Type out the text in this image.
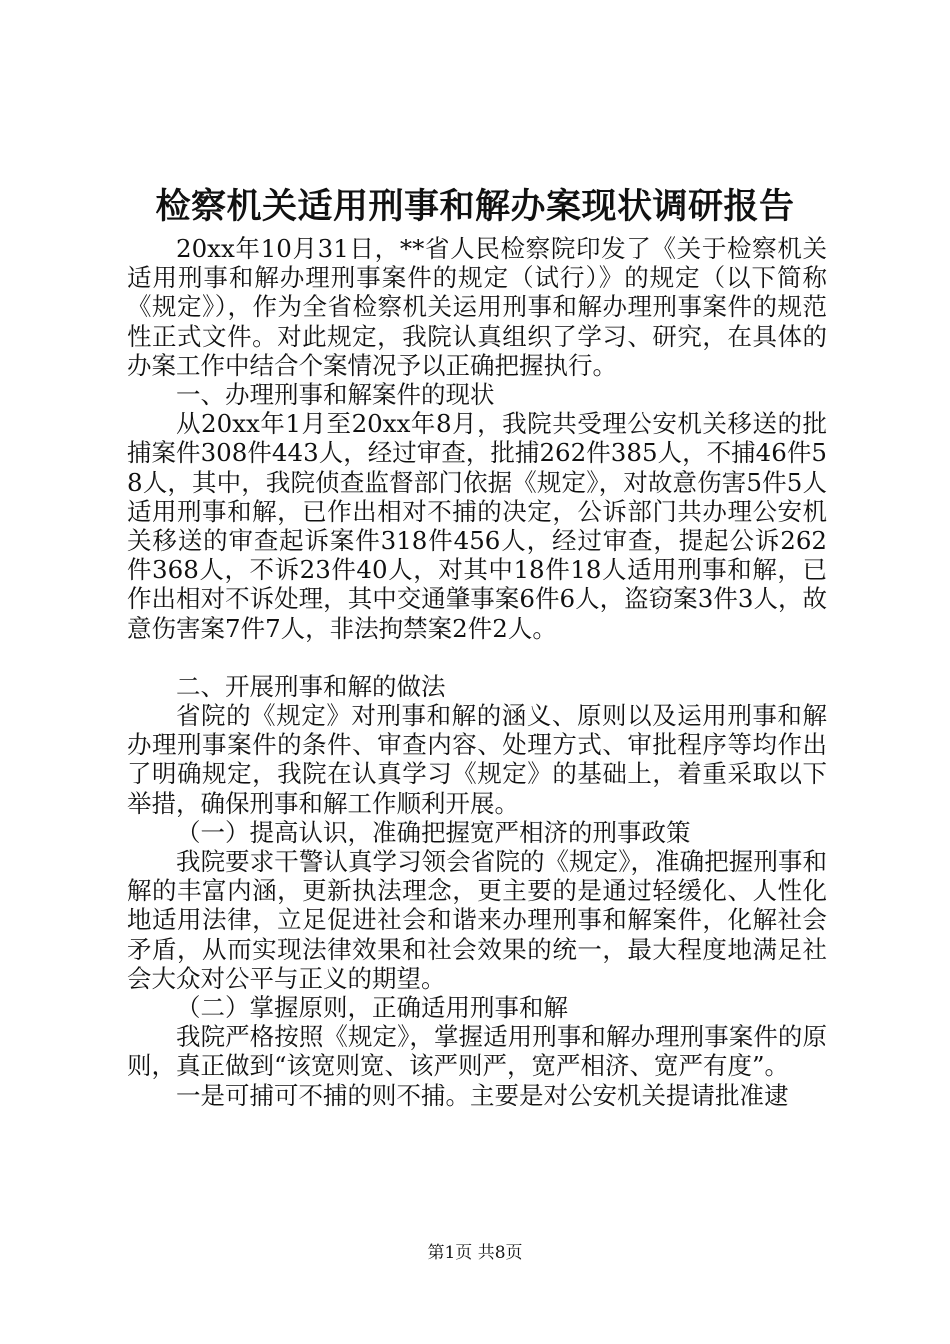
检察机关适用刑事和解办案现状调研报告

20xx年10月31日，**省人民检察院印发了《关于检察机关适用刑事和解办理刑事案件的规定（试行）》的规定（以下简称《规定》），作为全省检察机关运用刑事和解办理刑事案件的规范性正式文件。对此规定，我院认真组织了学习、研究，在具体的办案工作中结合个案情况予以正确把握执行。

一、办理刑事和解案件的现状

从20xx年1月至20xx年8月，我院共受理公安机关移送的批捕案件308件443人，经过审查，批捕262件385人，不捕46件58人，其中，我院侦查监督部门依据《规定》，对故意伤害5件5人适用刑事和解，已作出相对不捕的决定，公诉部门共办理公安机关移送的审查起诉案件318件456人，经过审查，提起公诉262件368人，不诉23件40人，对其中18件18人适用刑事和解，已作出相对不诉处理，其中交通肇事案6件6人，盗窃案3件3人，故意伤害案7件7人，非法拘禁案2件2人。

二、开展刑事和解的做法

省院的《规定》对刑事和解的涵义、原则以及运用刑事和解办理刑事案件的条件、审查内容、处理方式、审批程序等均作出了明确规定，我院在认真学习《规定》的基础上，着重采取以下举措，确保刑事和解工作顺利开展。

（一）提高认识，准确把握宽严相济的刑事政策

我院要求干警认真学习领会省院的《规定》，准确把握刑事和解的丰富内涵，更新执法理念，更主要的是通过轻缓化、人性化地适用法律，立足促进社会和谐来办理刑事和解案件，化解社会矛盾，从而实现法律效果和社会效果的统一，最大程度地满足社会大众对公平与正义的期望。

（二）掌握原则，正确适用刑事和解

我院严格按照《规定》，掌握适用刑事和解办理刑事案件的原则，真正做到“该宽则宽、该严则严，宽严相济、宽严有度”。

一是可捕可不捕的则不捕。主要是对公安机关提请批准逮

第1页 共8页
